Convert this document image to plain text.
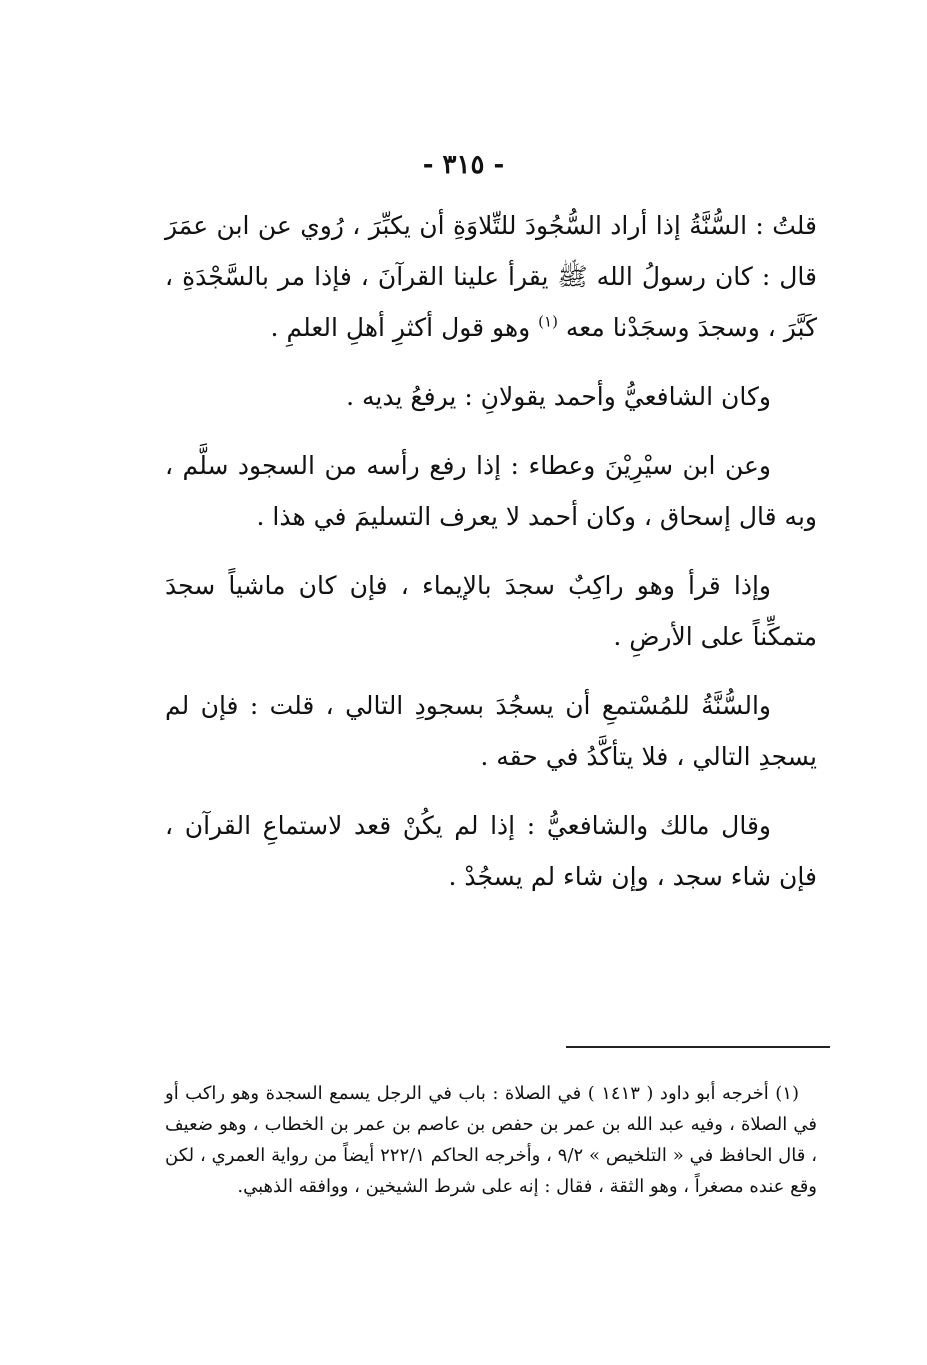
- ٣١٥ -

قلتُ : السُّنَّةُ إذا أراد السُّجُودَ للتِّلاوَةِ أن يكبِّرَ ، رُوي عن ابن عمَرَ قال : كان رسولُ الله ﷺ يقرأ علينا القرآنَ ، فإذا مر بالسَّجْدَةِ ، كَبَّرَ ، وسجدَ وسجَدْنا معه $^{(١)}$ وهو قول أكثرِ أهلِ العلمِ .

وكان الشافعيُّ وأحمد يقولانِ : يرفعُ يديه .

وعن ابن سيْرِيْنَ وعطاء : إذا رفع رأسه من السجود سلَّم ، وبه قال إسحاق ، وكان أحمد لا يعرف التسليمَ في هذا .

وإذا قرأ وهو راكِبٌ سجدَ بالإيماء ، فإن كان ماشياً سجدَ متمكِّناً على الأرضِ .

والسُّنَّةُ للمُسْتمعِ أن يسجُدَ بسجودِ التالي ، قلت : فإن لم يسجدِ التالي ، فلا يتأكَّدُ في حقه .

وقال مالك والشافعيُّ : إذا لم يكُنْ قعد لاستماعِ القرآن ، فإن شاء سجد ، وإن شاء لم يسجُدْ .

(١) أخرجه أبو داود ( ١٤١٣ ) في الصلاة : باب في الرجل يسمع السجدة وهو راكب أو في الصلاة ، وفيه عبد الله بن عمر بن حفص بن عاصم بن عمر بن الخطاب ، وهو ضعيف ، قال الحافظ في « التلخيص » ٩/٢ ، وأخرجه الحاكم ٢٢٢/١ أيضاً من رواية العمري ، لكن وقع عنده مصغراً ، وهو الثقة ، فقال : إنه على شرط الشيخين ، ووافقه الذهبي.
